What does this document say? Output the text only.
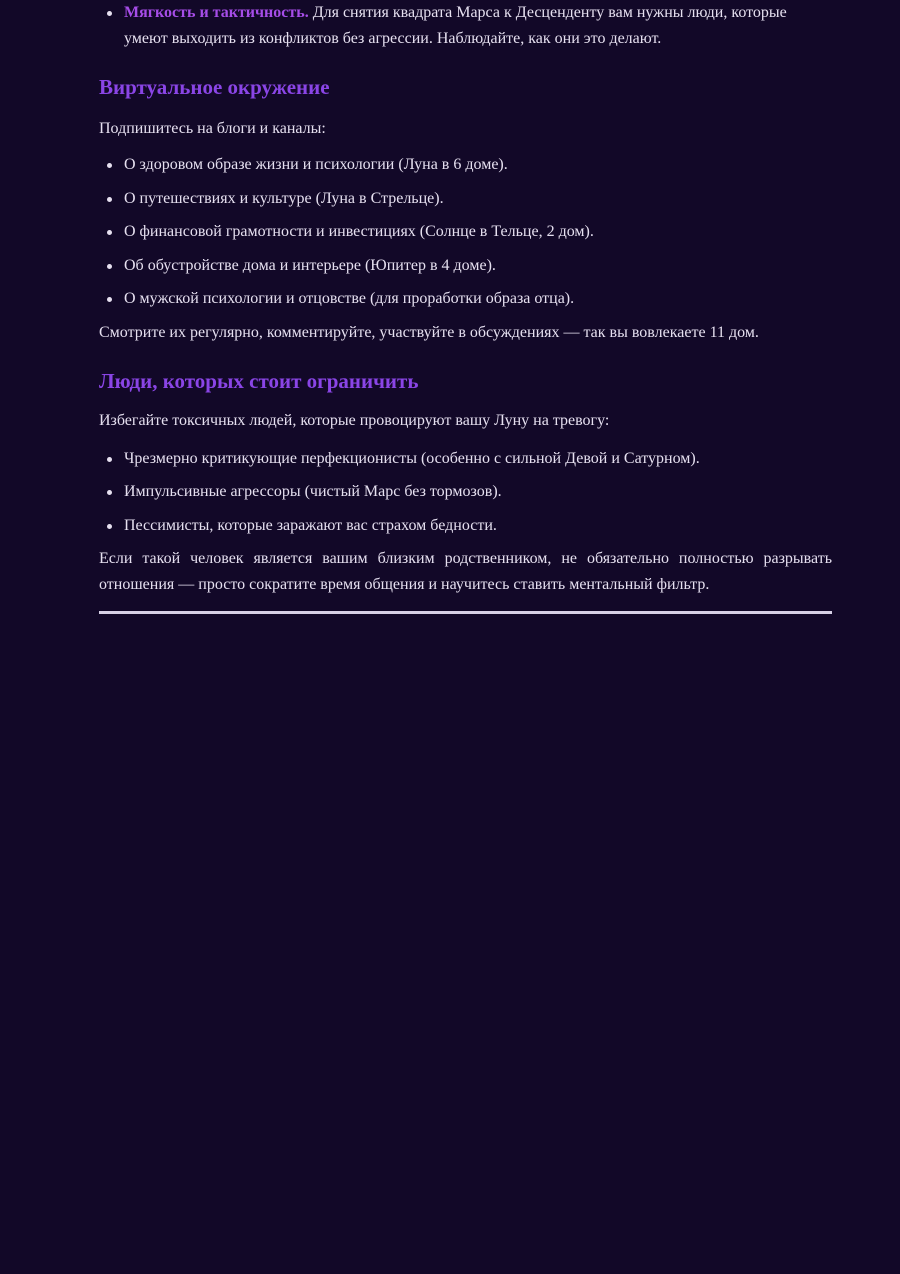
Мягкость и тактичность. Для снятия квадрата Марса к Десценденту вам нужны люди, которые умеют выходить из конфликтов без агрессии. Наблюдайте, как они это делают.
Виртуальное окружение

Подпишитесь на блоги и каналы:

О здоровом образе жизни и психологии (Луна в 6 доме).
О путешествиях и культуре (Луна в Стрельце).
О финансовой грамотности и инвестициях (Солнце в Тельце, 2 дом).
Об обустройстве дома и интерьере (Юпитер в 4 доме).
О мужской психологии и отцовстве (для проработки образа отца).

Смотрите их регулярно, комментируйте, участвуйте в обсуждениях — так вы вовлекаете 11 дом.

Люди, которых стоит ограничить

Избегайте токсичных людей, которые провоцируют вашу Луну на тревогу:

Чрезмерно критикующие перфекционисты (особенно с сильной Девой и Сатурном).
Импульсивные агрессоры (чистый Марс без тормозов).
Пессимисты, которые заражают вас страхом бедности.

Если такой человек является вашим близким родственником, не обязательно полностью разрывать отношения — просто сократите время общения и научитесь ставить ментальный фильтр.
